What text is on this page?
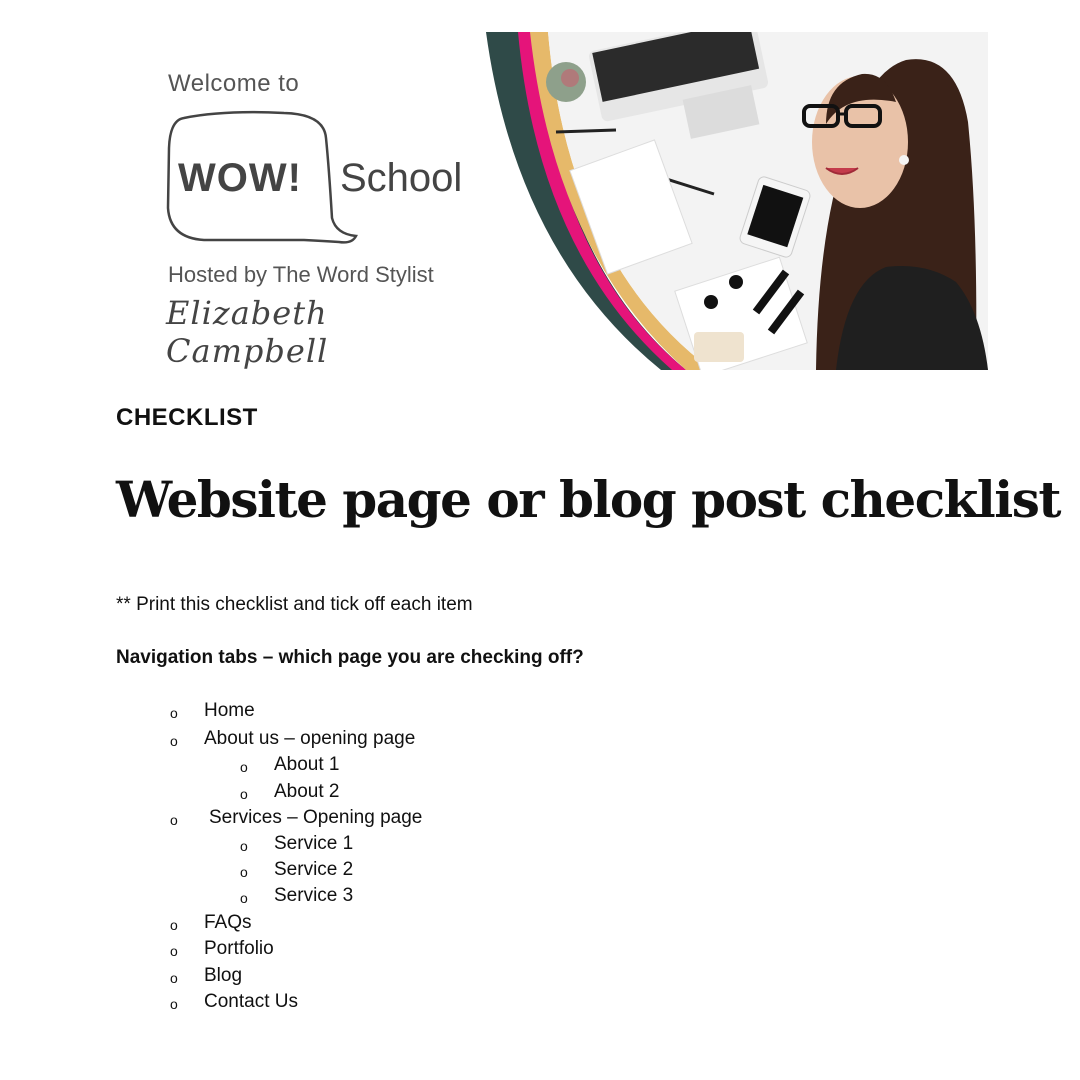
Welcome to
WOW! School
Hosted by The Word Stylist
Elizabeth Campbell
CHECKLIST
Website page or blog post checklist
** Print this checklist and tick off each item
Navigation tabs – which page you are checking off?
o Home
o About us – opening page
o About 1
o About 2
o Services – Opening page
o Service 1
o Service 2
o Service 3
o FAQs
o Portfolio
o Blog
o Contact Us
